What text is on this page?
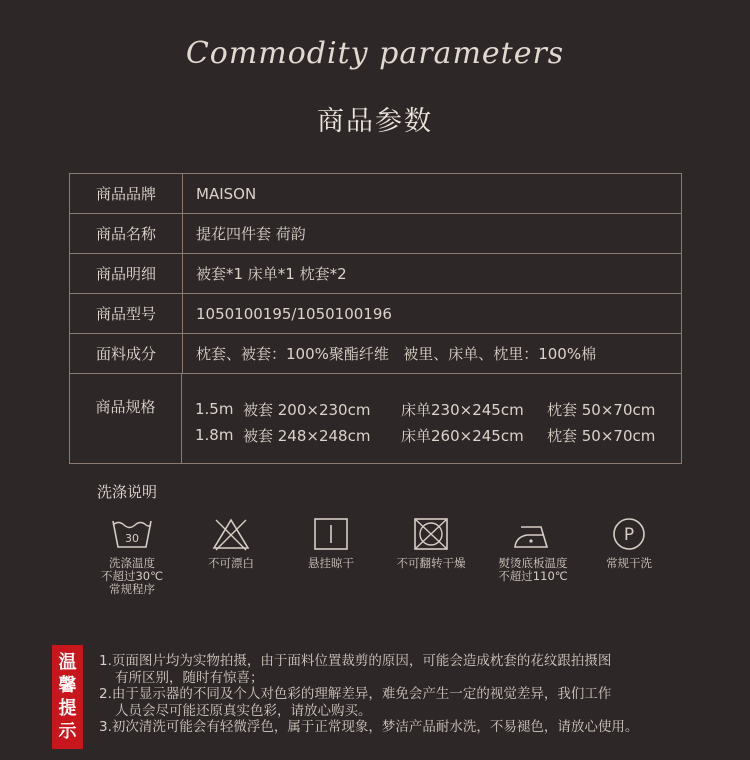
Commodity parameters
商品参数
商品品牌	MAISON
商品名称	提花四件套 荷韵
商品明细	被套*1 床单*1 枕套*2
商品型号	1050100195/1050100196
面料成分	枕套、被套：100%聚酯纤维   被里、床单、枕里：100%棉
商品规格	1.5m 被套 200×230cm	床单230×245cm	枕套 50×70cm
1.8m 被套 248×248cm	床单260×245cm	枕套 50×70cm
洗涤说明
30
洗涤温度
不超过30℃
常规程序
不可漂白	悬挂晾干	不可翻转干燥	熨烫底板温度
不超过110℃
P
常规干洗
温
馨
提
示
1.页面图片均为实物拍摄，由于面料位置裁剪的原因，可能会造成枕套的花纹跟拍摄图
有所区别，随时有惊喜；
2.由于显示器的不同及个人对色彩的理解差异，难免会产生一定的视觉差异，我们工作
人员会尽可能还原真实色彩，请放心购买。
3.初次清洗可能会有轻微浮色，属于正常现象，梦洁产品耐水洗，不易褪色，请放心使用。
